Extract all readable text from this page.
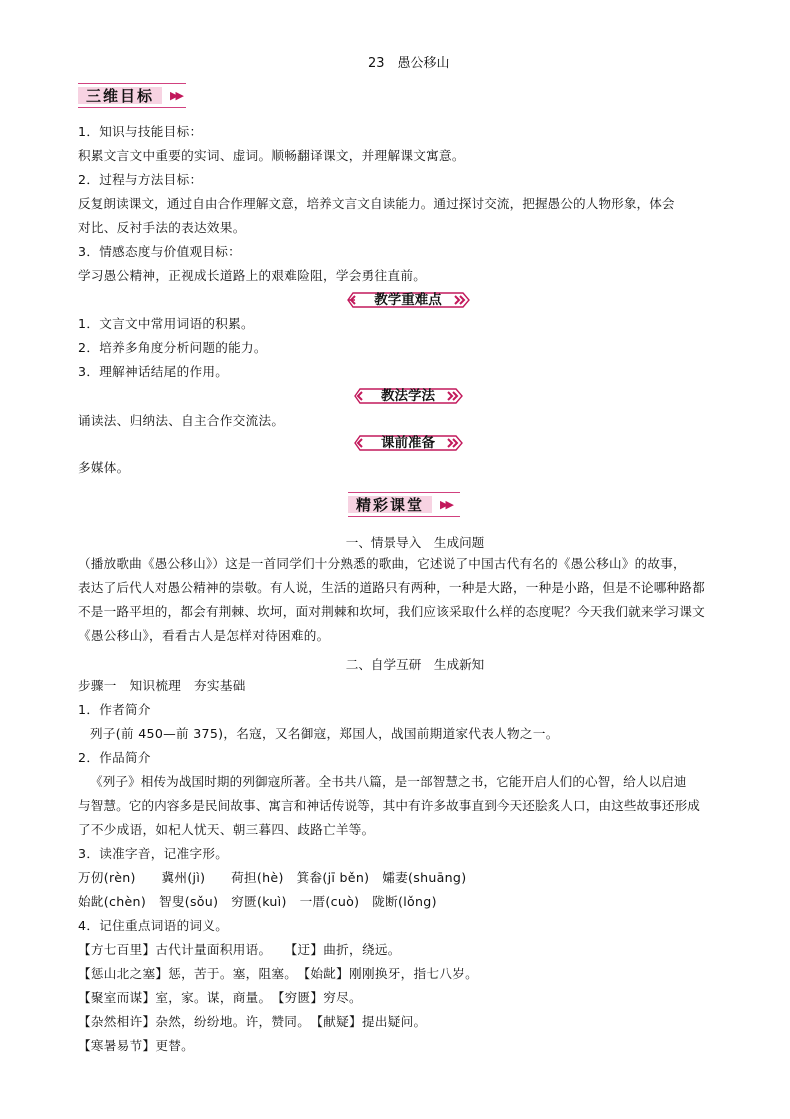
23　愚公移山
三维目标	▶▶
1．知识与技能目标：
积累文言文中重要的实词、虚词。顺畅翻译课文，并理解课文寓意。
2．过程与方法目标：
反复朗读课文，通过自由合作理解文意，培养文言文自读能力。通过探讨交流，把握愚公的人物形象，体会
对比、反衬手法的表达效果。
3．情感态度与价值观目标：
学习愚公精神，正视成长道路上的艰难险阻，学会勇往直前。
教学重难点
1．文言文中常用词语的积累。
2．培养多角度分析问题的能力。
3．理解神话结尾的作用。
教法学法
诵读法、归纳法、自主合作交流法。
课前准备
多媒体。
精彩课堂	▶▶
一、情景导入　生成问题
（播放歌曲《愚公移山》）这是一首同学们十分熟悉的歌曲，它述说了中国古代有名的《愚公移山》的故事，
表达了后代人对愚公精神的崇敬。有人说，生活的道路只有两种，一种是大路，一种是小路，但是不论哪种路都
不是一路平坦的，都会有荆棘、坎坷，面对荆棘和坎坷，我们应该采取什么样的态度呢？今天我们就来学习课文
《愚公移山》，看看古人是怎样对待困难的。
二、自学互研　生成新知
步骤一　知识梳理　夯实基础
1．作者简介
列子(前 450—前 375)，名寇，又名御寇，郑国人，战国前期道家代表人物之一。
2．作品简介
《列子》相传为战国时期的列御寇所著。全书共八篇，是一部智慧之书，它能开启人们的心智，给人以启迪
与智慧。它的内容多是民间故事、寓言和神话传说等，其中有许多故事直到今天还脍炙人口，由这些故事还形成
了不少成语，如杞人忧天、朝三暮四、歧路亡羊等。
3．读准字音，记准字形。
万仞(rèn)　　冀州(jì)　　荷担(hè)　箕畚(jī běn)　孀妻(shuāng)
始龀(chèn)　智叟(sǒu)　穷匮(kuì)　一厝(cuò)　陇断(lǒng)
4．记住重点词语的词义。
【方七百里】古代计量面积用语。　　【迂】曲折，绕远。
【惩山北之塞】惩，苦于。塞，阻塞。　【始龀】刚刚换牙，指七八岁。
【聚室而谋】室，家。谋，商量。　【穷匮】穷尽。
【杂然相许】杂然，纷纷地。许，赞同。　【献疑】提出疑问。
【寒暑易节】更替。
